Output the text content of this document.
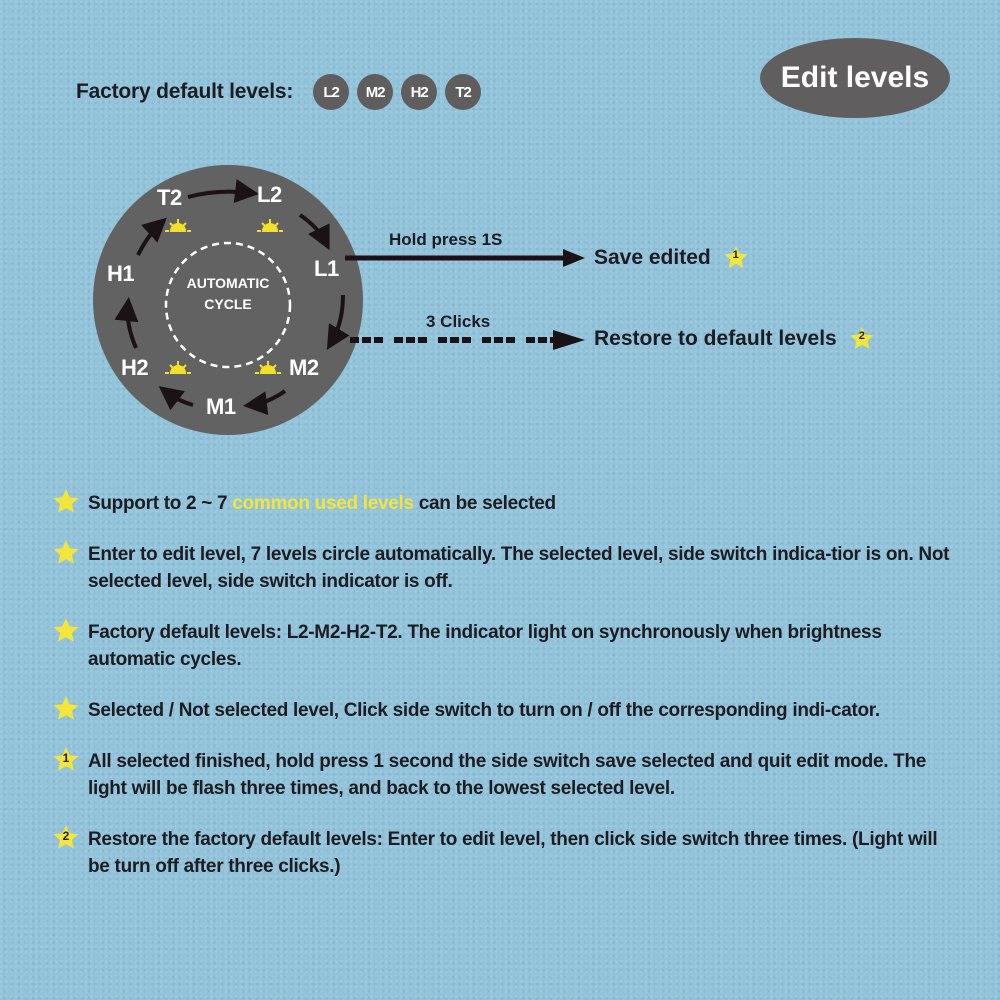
Factory default levels:	L2	M2	H2	T2	Edit levels
T2	L2
L1
M2
M1
H2
H1	AUTOMATIC
CYCLE
Hold press 1S
3 Clicks
Save edited	1
Restore to default levels	2
Support to 2 ~ 7 common used levels can be selected
Enter to edit level, 7 levels circle automatically. The selected level, side switch indica-tior is on. Not selected level, side switch indicator is off.
Factory default levels: L2-M2-H2-T2. The indicator light on synchronously when brightness automatic cycles.
Selected / Not selected level, Click side switch to turn on / off the corresponding indi-cator.
1 All selected finished, hold press 1 second the side switch save selected and quit edit mode. The light will be flash three times, and back to the lowest selected level.
2 Restore the factory default levels: Enter to edit level, then click side switch three times. (Light will be turn off after three clicks.)
